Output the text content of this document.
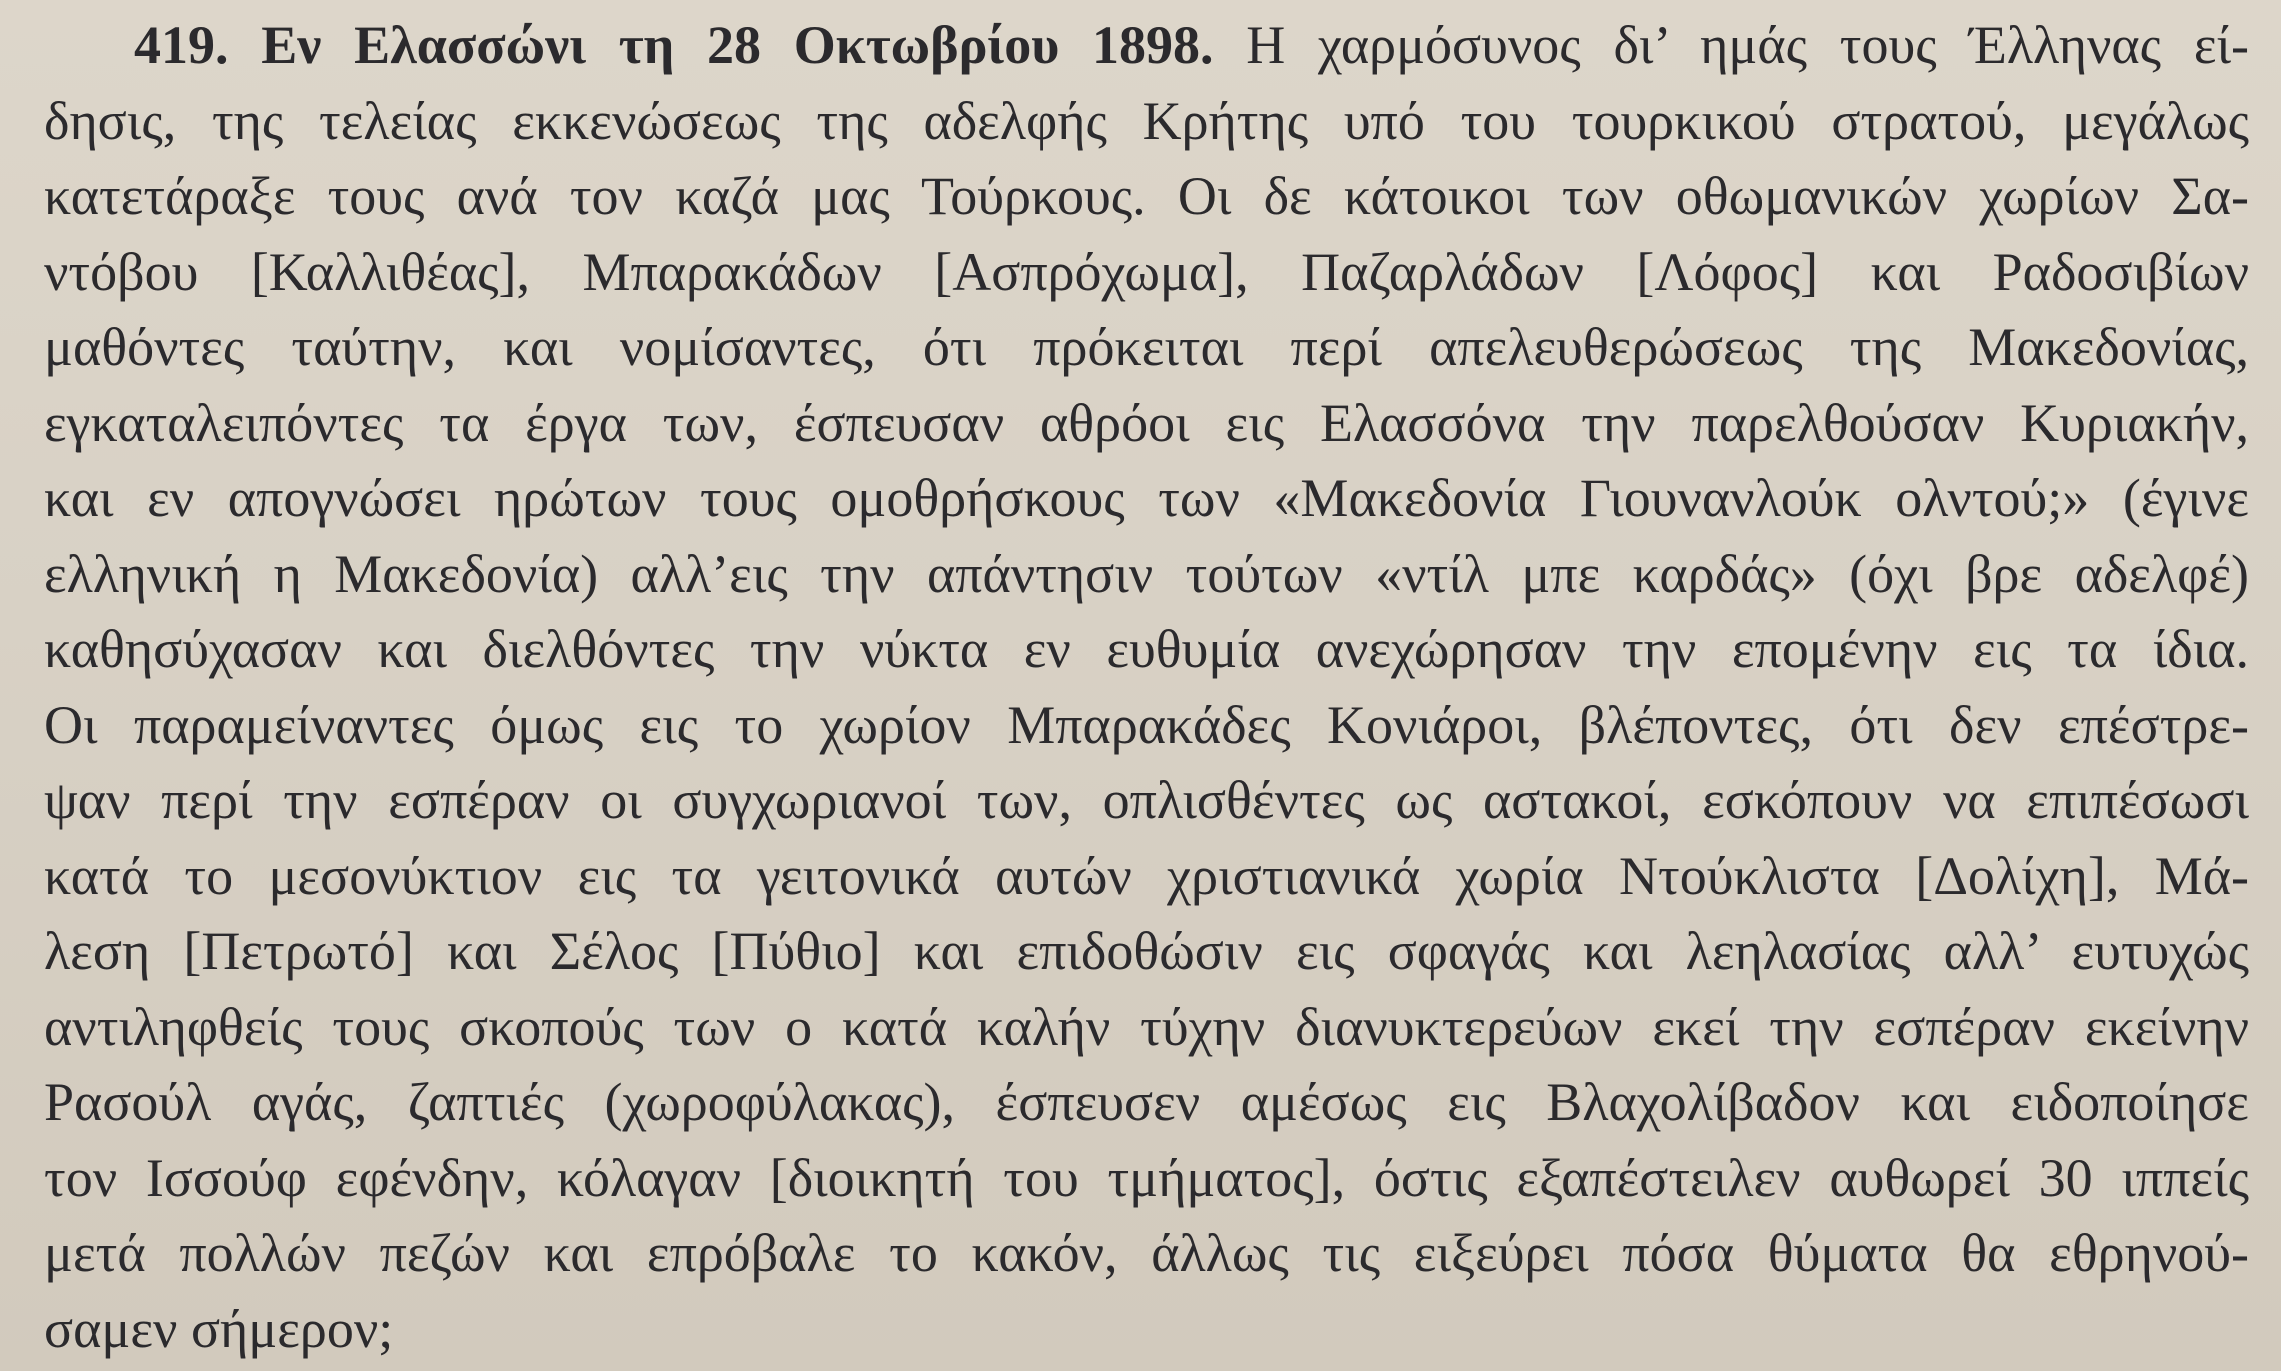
419. Εν Ελασσώνι τη 28 Οκτωβρίου 1898. Η χαρμόσυνος δι’ ημάς τους Έλληνας εί-
δησις, της τελείας εκκενώσεως της αδελφής Κρήτης υπό του τουρκικού στρατού, μεγάλως
κατετάραξε τους ανά τον καζά μας Τούρκους. Οι δε κάτοικοι των οθωμανικών χωρίων Σα-
ντόβου [Καλλιθέας], Μπαρακάδων [Ασπρόχωμα], Παζαρλάδων [Λόφος] και Ραδοσιβίων
μαθόντες ταύτην, και νομίσαντες, ότι πρόκειται περί απελευθερώσεως της Μακεδονίας,
εγκαταλειπόντες τα έργα των, έσπευσαν αθρόοι εις Ελασσόνα την παρελθούσαν Κυριακήν,
και εν απογνώσει ηρώτων τους ομοθρήσκους των «Μακεδονία Γιουνανλούκ ολντού;» (έγινε
ελληνική η Μακεδονία) αλλ’εις την απάντησιν τούτων «ντίλ μπε καρδάς» (όχι βρε αδελφέ)
καθησύχασαν και διελθόντες την νύκτα εν ευθυμία ανεχώρησαν την επομένην εις τα ίδια.
Οι παραμείναντες όμως εις το χωρίον Μπαρακάδες Κονιάροι, βλέποντες, ότι δεν επέστρε-
ψαν περί την εσπέραν οι συγχωριανοί των, οπλισθέντες ως αστακοί, εσκόπουν να επιπέσωσι
κατά το μεσονύκτιον εις τα γειτονικά αυτών χριστιανικά χωρία Ντούκλιστα [Δολίχη], Μά-
λεση [Πετρωτό] και Σέλος [Πύθιο] και επιδοθώσιν εις σφαγάς και λεηλασίας αλλ’ ευτυχώς
αντιληφθείς τους σκοπούς των ο κατά καλήν τύχην διανυκτερεύων εκεί την εσπέραν εκείνην
Ρασούλ αγάς, ζαπτιές (χωροφύλακας), έσπευσεν αμέσως εις Βλαχολίβαδον και ειδοποίησε
τον Ισσούφ εφένδην, κόλαγαν [διοικητή του τμήματος], όστις εξαπέστειλεν αυθωρεί 30 ιππείς
μετά πολλών πεζών και επρόβαλε το κακόν, άλλως τις ειξεύρει πόσα θύματα θα εθρηνού-
σαμεν σήμερον;
